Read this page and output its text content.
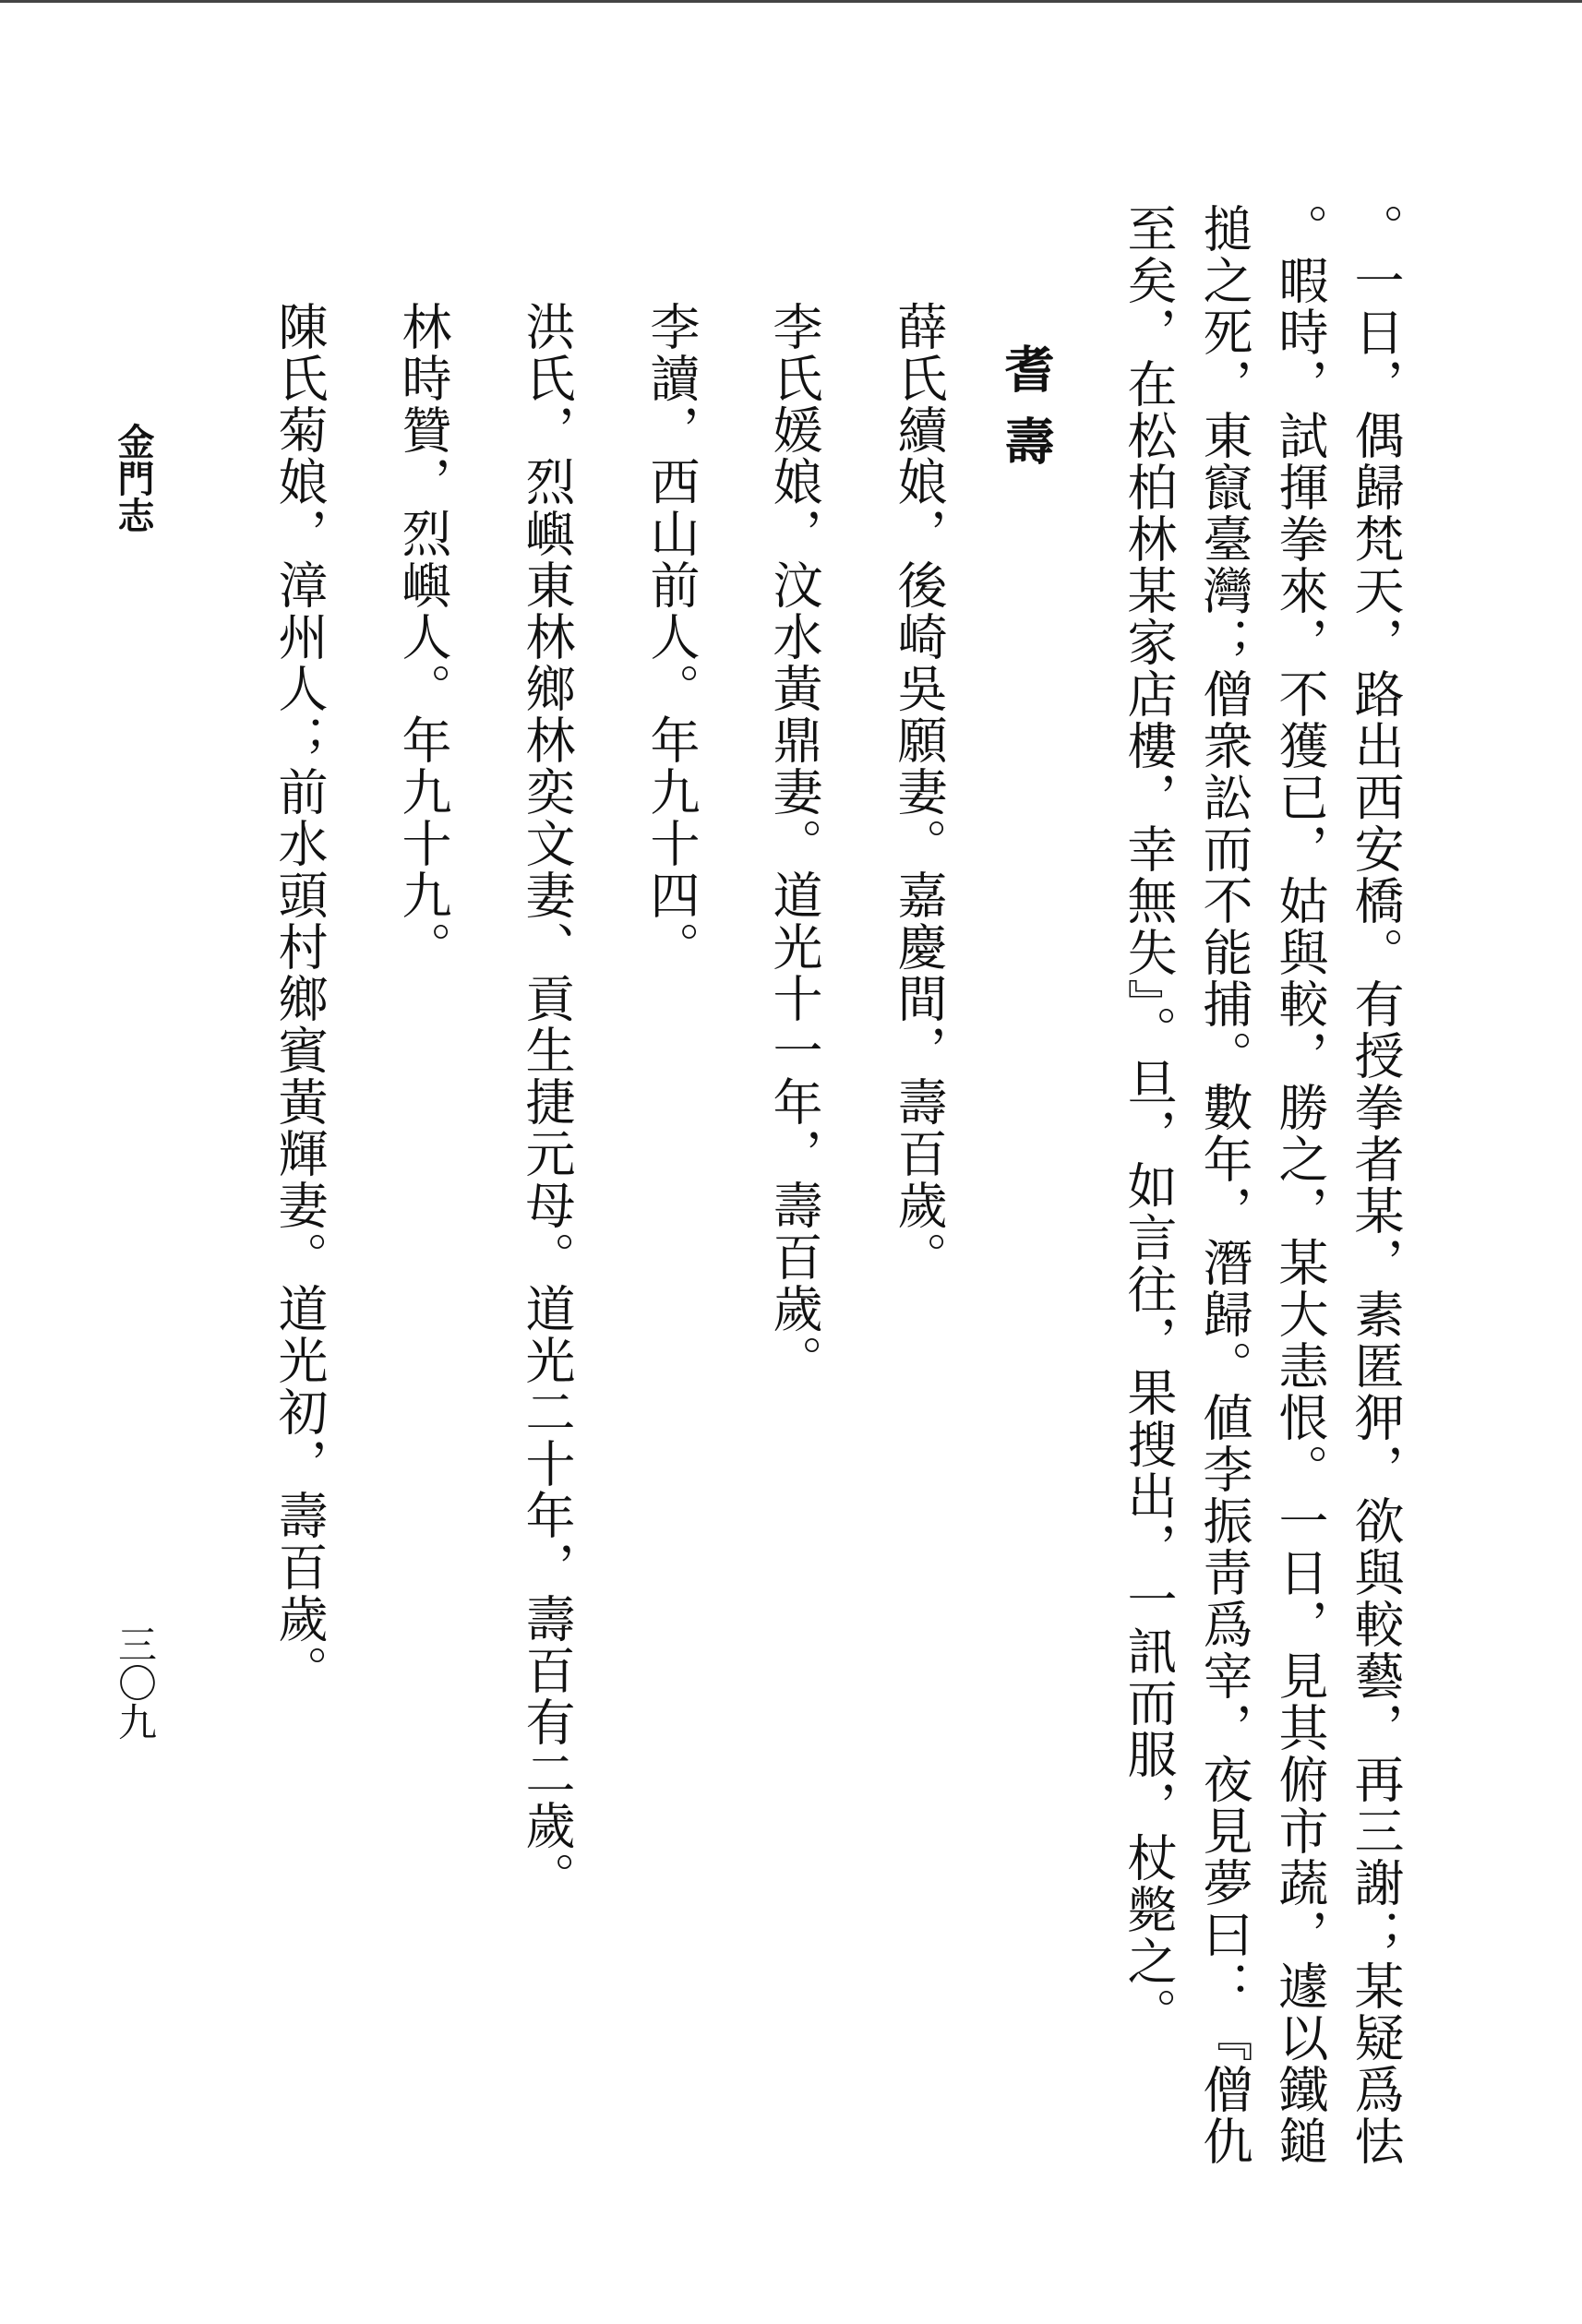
。一日，偶歸梵天，路出西安橋。有授拳者某，素匿狎，欲與較藝，再三謝；某疑爲怯
。暇時，試揮拳來，不獲已，姑與較，勝之，某大恚恨。一日，見其俯市蔬，遽以鐵鎚
搥之死，東竄臺灣；僧衆訟而不能捕。數年，潛歸。値李振靑爲宰，夜見夢曰：『僧仇
至矣，在松柏林某家店樓，幸無失』。旦，如言往，果搜出，一訊而服，杖斃之。
耆壽
薛氏續娘，後崎吳願妻。嘉慶間，壽百歲。
李氏媛娘，汶水黃鼎妻。道光十一年，壽百歲。
李讀，西山前人。年九十四。
洪氏，烈嶼東林鄉林奕文妻、貢生捷元母。道光二十年，壽百有二歲。
林時贊，烈嶼人。年九十九。
陳氏菊娘，漳州人；前水頭村鄉賓黃輝妻。道光初，壽百歲。
金門志
三〇九
